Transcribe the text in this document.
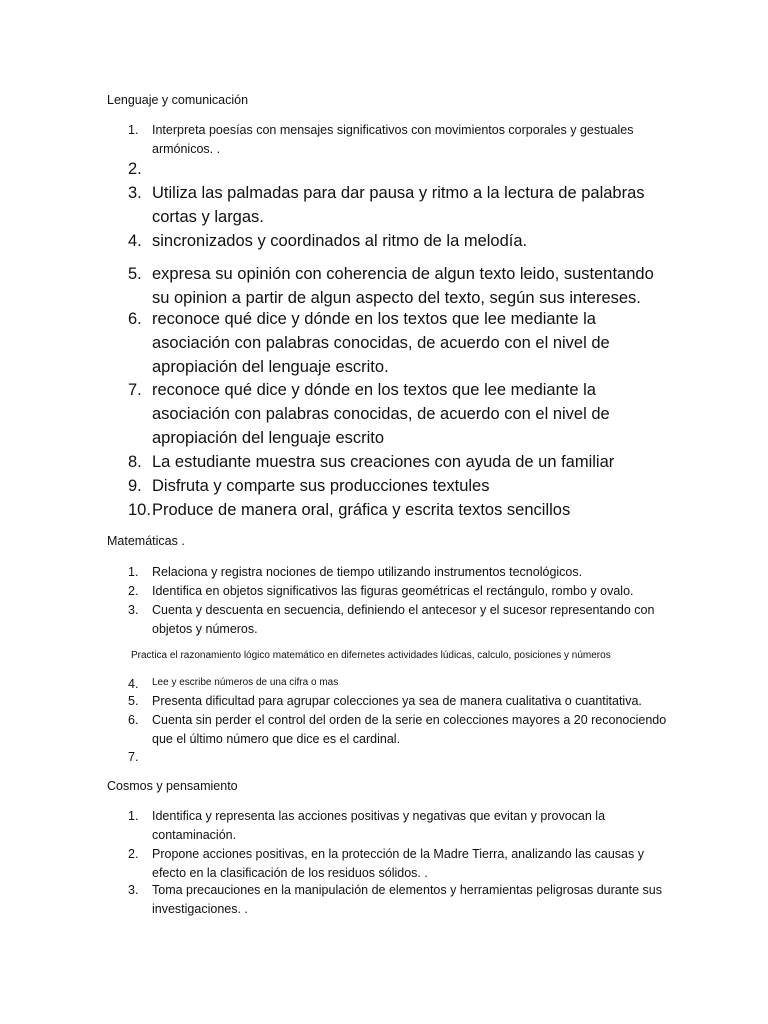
Lenguaje y comunicación
1. Interpreta poesías con mensajes significativos con movimientos corporales y gestuales armónicos. .
2.
3. Utiliza las palmadas para dar pausa y ritmo a la lectura de palabras cortas y largas.
4. sincronizados y coordinados al ritmo de la melodía.
5. expresa su opinión con coherencia de algun texto leido, sustentando su opinion a partir de algun aspecto del texto, según sus intereses.
6. reconoce qué dice y dónde en los textos que lee mediante la asociación con palabras conocidas, de acuerdo con el nivel de apropiación del lenguaje escrito.
7. reconoce qué dice y dónde en los textos que lee mediante la asociación con palabras conocidas, de acuerdo con el nivel de apropiación del lenguaje escrito
8. La estudiante muestra sus creaciones con ayuda de un familiar
9. Disfruta y comparte sus producciones textules
10. Produce de manera oral, gráfica y escrita textos sencillos
Matemáticas .
1. Relaciona y registra nociones de tiempo utilizando instrumentos tecnológicos.
2. Identifica en objetos significativos las figuras geométricas el rectángulo, rombo y ovalo.
3. Cuenta y descuenta en secuencia, definiendo el antecesor y el sucesor representando con objetos y números.
Practica el razonamiento lógico matemático en difernetes actividades lúdicas, calculo, posiciones y números
4. Lee y escribe números de una cifra o mas
5. Presenta dificultad para agrupar colecciones ya sea de manera cualitativa o cuantitativa.
6. Cuenta sin perder el control del orden de la serie en colecciones mayores a 20 reconociendo que el último número que dice es el cardinal.
7.
Cosmos y pensamiento
1. Identifica y representa las acciones positivas y negativas que evitan y provocan la contaminación.
2. Propone acciones positivas, en la protección de la Madre Tierra, analizando las causas y efecto en la clasificación de los residuos sólidos. .
3. Toma precauciones en la manipulación de elementos y herramientas peligrosas durante sus investigaciones. .
